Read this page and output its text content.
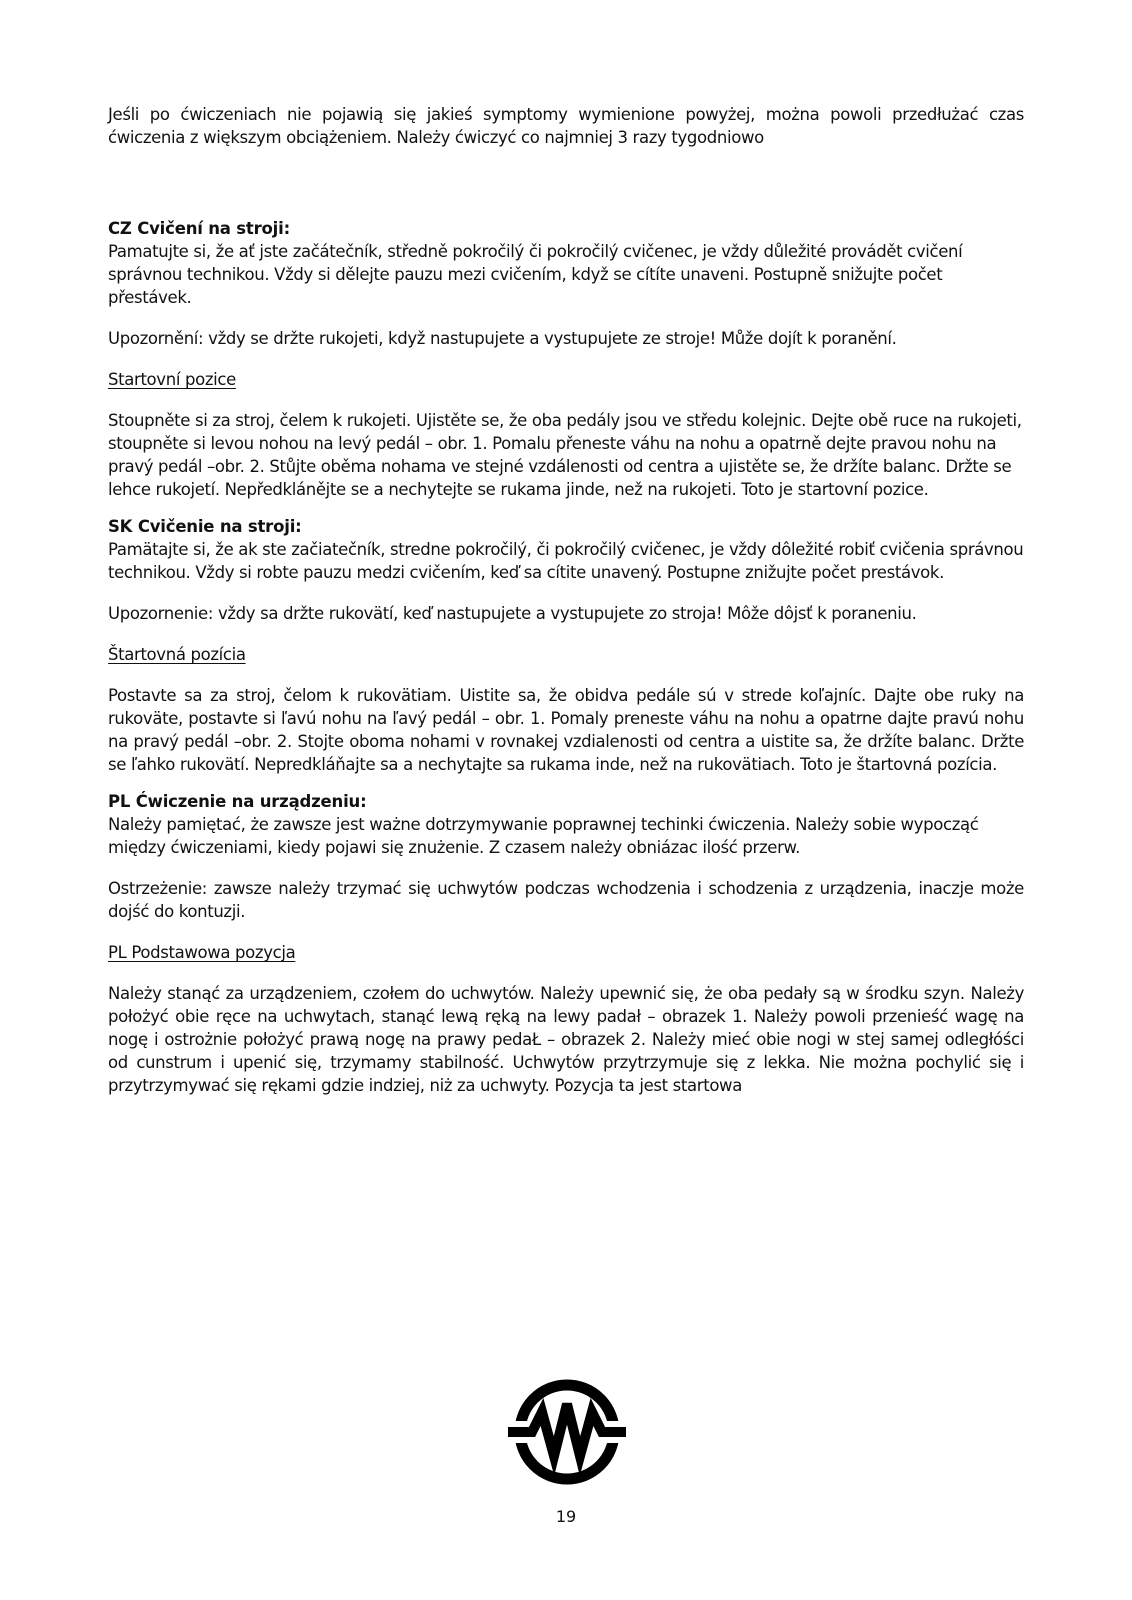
Jeśli po ćwiczeniach nie pojawią się jakieś symptomy wymienione powyżej, można powoli przedłużać czas ćwiczenia z większym obciążeniem. Należy ćwiczyć co najmniej 3 razy tygodniowo

CZ Cvičení na stroji:

Pamatujte si, že ať jste začátečník, středně pokročilý či pokročilý cvičenec, je vždy důležité provádět cvičení správnou technikou. Vždy si dělejte pauzu mezi cvičením, když se cítíte unaveni. Postupně snižujte počet přestávek.

Upozornění: vždy se držte rukojeti, když nastupujete a vystupujete ze stroje! Může dojít k poranění.

Startovní pozice

Stoupněte si za stroj, čelem k rukojeti. Ujistěte se, že oba pedály jsou ve středu kolejnic. Dejte obě ruce na rukojeti, stoupněte si levou nohou na levý pedál – obr. 1. Pomalu přeneste váhu na nohu a opatrně dejte pravou nohu na pravý pedál –obr. 2. Stůjte oběma nohama ve stejné vzdálenosti od centra a ujistěte se, že držíte balanc. Držte se lehce rukojetí. Nepředklánějte se a nechytejte se rukama jinde, než na rukojeti. Toto je startovní pozice.

SK Cvičenie na stroji:

Pamätajte si, že ak ste začiatečník, stredne pokročilý, či pokročilý cvičenec, je vždy dôležité robiť cvičenia správnou technikou. Vždy si robte pauzu medzi cvičením, keď sa cítite unavený. Postupne znižujte počet prestávok.

Upozornenie: vždy sa držte rukovätí, keď nastupujete a vystupujete zo stroja! Môže dôjsť k poraneniu.

Štartovná pozícia

Postavte sa za stroj, čelom k rukovätiam. Uistite sa, že obidva pedále sú v strede koľajníc. Dajte obe ruky na rukoväte, postavte si ľavú nohu na ľavý pedál – obr. 1. Pomaly preneste váhu na nohu a opatrne dajte pravú nohu na pravý pedál –obr. 2. Stojte oboma nohami v rovnakej vzdialenosti od centra a uistite sa, že držíte balanc. Držte se ľahko rukovätí. Nepredkláňajte sa a nechytajte sa rukama inde, než na rukovätiach. Toto je štartovná pozícia.

PL Ćwiczenie na urządzeniu:

Należy pamiętać, że zawsze jest ważne dotrzymywanie poprawnej techinki ćwiczenia. Należy sobie wypocząć między ćwiczeniami, kiedy pojawi się znużenie. Z czasem należy obniázac ilość przerw.

Ostrzeżenie: zawsze należy trzymać się uchwytów podczas wchodzenia i schodzenia z urządzenia, inaczje może dojść do kontuzji.

PL Podstawowa pozycja

Należy stanąć za urządzeniem, czołem do uchwytów. Należy upewnić się, że oba pedały są w środku szyn. Należy położyć obie ręce na uchwytach, stanąć lewą ręką na lewy padał – obrazek 1. Należy powoli przenieść wagę na nogę i ostrożnie położyć prawą nogę na prawy pedaŁ – obrazek 2. Należy mieć obie nogi w stej samej odległóści od cunstrum i upenić się, trzymamy stabilność. Uchwytów przytrzymuje się z lekka. Nie można pochylić się i przytrzymywać się rękami gdzie indziej, niż za uchwyty. Pozycja ta jest startowa

19
